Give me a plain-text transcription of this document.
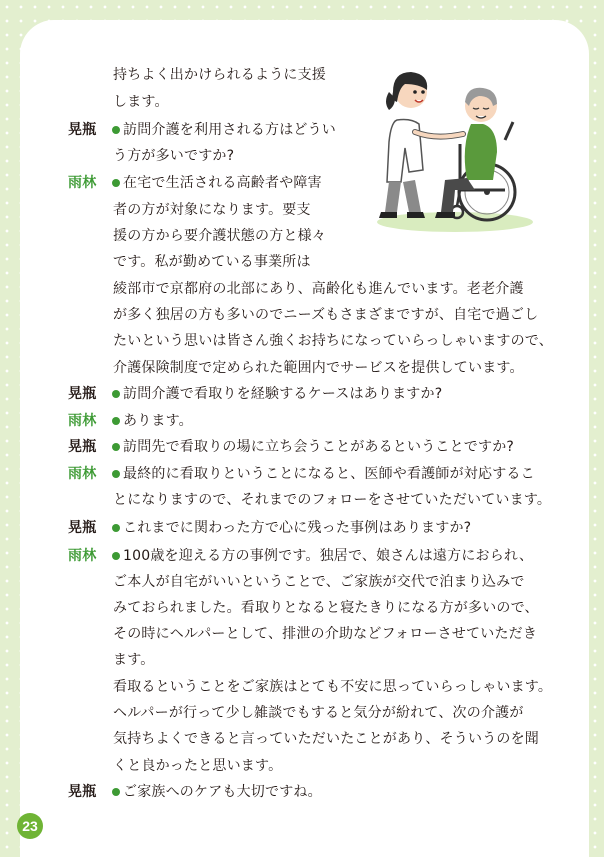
持ちよく出かけられるように支援
します。
晃瓶 訪問介護を利用される方はどうい
う方が多いですか?
雨林 在宅で生活される高齢者や障害
者の方が対象になります。要支
援の方から要介護状態の方と様々
です。私が勤めている事業所は
綾部市で京都府の北部にあり、高齢化も進んでいます。老老介護
が多く独居の方も多いのでニーズもさまざまですが、自宅で過ごし
たいという思いは皆さん強くお持ちになっていらっしゃいますので、
介護保険制度で定められた範囲内でサービスを提供しています。
晃瓶 訪問介護で看取りを経験するケースはありますか?
雨林 あります。
晃瓶 訪問先で看取りの場に立ち会うことがあるということですか?
雨林 最終的に看取りということになると、医師や看護師が対応するこ
とになりますので、それまでのフォローをさせていただいています。
晃瓶 これまでに関わった方で心に残った事例はありますか?
雨林 100歳を迎える方の事例です。独居で、娘さんは遠方におられ、
ご本人が自宅がいいということで、ご家族が交代で泊まり込みで
みておられました。看取りとなると寝たきりになる方が多いので、
その時にヘルパーとして、排泄の介助などフォローさせていただき
ます。
看取るということをご家族はとても不安に思っていらっしゃいます。
ヘルパーが行って少し雑談でもすると気分が紛れて、次の介護が
気持ちよくできると言っていただいたことがあり、そういうのを聞
くと良かったと思います。
晃瓶 ご家族へのケアも大切ですね。
23
